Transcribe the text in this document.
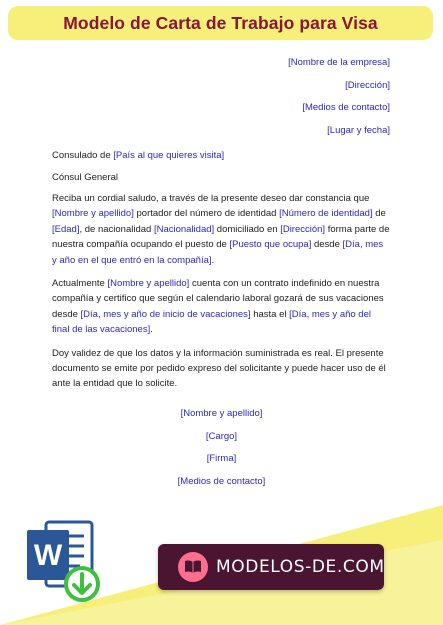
Modelo de Carta de Trabajo para Visa
[Nombre de la empresa]
[Dirección]
[Medios de contacto]
[Lugar y fecha]
Consulado de [País al que quieres visita]
Cónsul General

Reciba un cordial saludo, a través de la presente deseo dar constancia que [Nombre y apellido] portador del número de identidad [Número de identidad] de [Edad], de nacionalidad [Nacionalidad] domiciliado en [Dirección] forma parte de nuestra compañía ocupando el puesto de [Puesto que ocupa] desde [Día, mes y año en el que entró en la compañía].

Actualmente [Nombre y apellido] cuenta con un contrato indefinido en nuestra compañía y certifico que según el calendario laboral gozará de sus vacaciones desde [Día, mes y año de inicio de vacaciones] hasta el [Día, mes y año del final de las vacaciones].

Doy validez de que los datos y la información suministrada es real. El presente documento se emite por pedido expreso del solicitante y puede hacer uso de él ante la entidad que lo solicite.

[Nombre y apellido]
[Cargo]
[Firma]
[Medios de contacto]
W	MODELOS-DE.COM
